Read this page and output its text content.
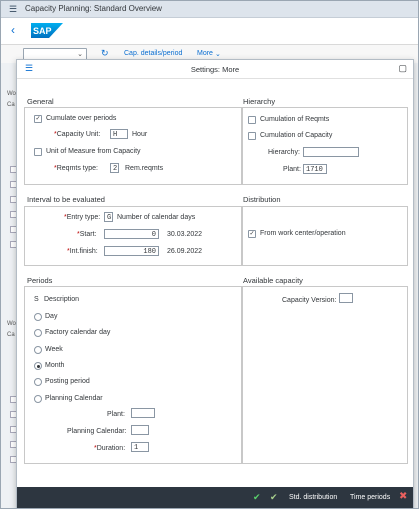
☰ Capacity Planning: Standard Overview
‹ SAP
⌄ ↻ Cap. details/period More ⌄
Wo
Ca
Wo
Ca
☰	Settings: More	▢
General
✓ Cumulate over periods
*Capacity Unit:	H	Hour
Unit of Measure from Capacity
*Reqmts type:	2 Rem.reqmts
Hierarchy
Cumulation of Reqmts
Cumulation of Capacity
Hierarchy:
Plant: 1710
Interval to be evaluated
*Entry type: G Number of calendar days
*Start:	0	30.03.2022
*Int.finish:	180	26.09.2022
Distribution
✓ From work center/operation
Periods
S Description
Day
Factory calendar day
Week
Month
Posting period
Planning Calendar
Plant:
Planning Calendar:
*Duration:	1
Available capacity
Capacity Version:
✔ ✔ Std. distribution Time periods ✖
